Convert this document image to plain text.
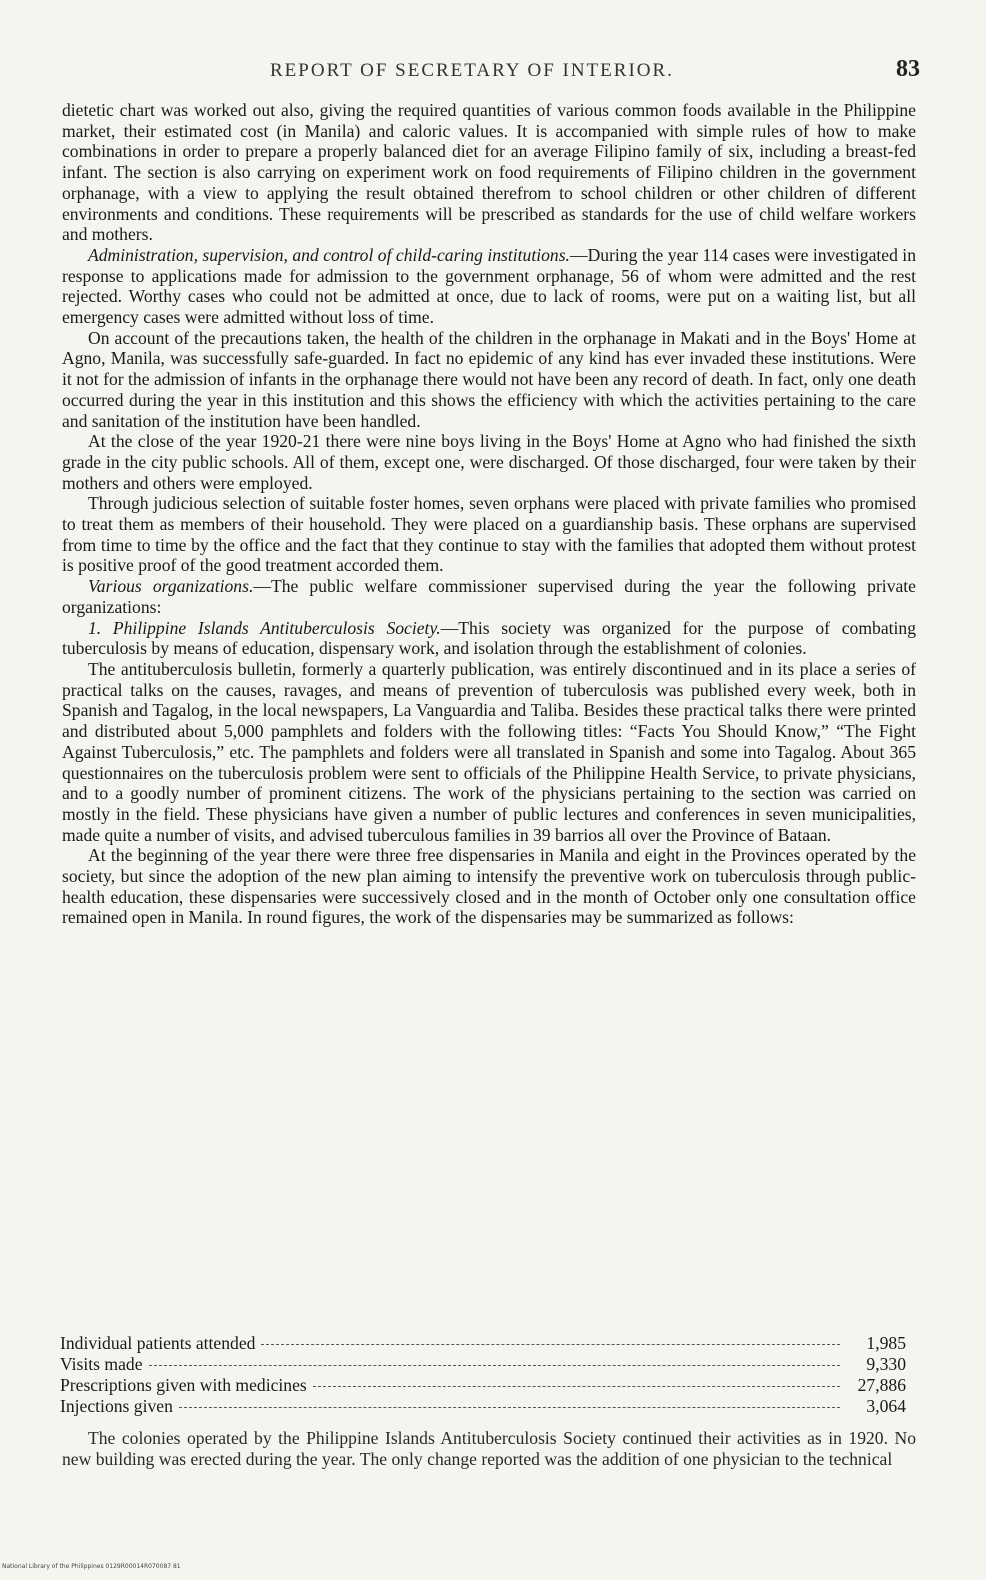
REPORT OF SECRETARY OF INTERIOR.	83

dietetic chart was worked out also, giving the required quantities of various common foods available in the Philippine market, their estimated cost (in Manila) and caloric values. It is accompanied with simple rules of how to make combinations in order to prepare a properly balanced diet for an average Filipino family of six, including a breast-fed infant. The section is also carrying on experiment work on food requirements of Filipino children in the government orphanage, with a view to applying the result obtained therefrom to school children or other children of different environments and conditions. These requirements will be prescribed as standards for the use of child welfare workers and mothers.

Administration, supervision, and control of child-caring institutions.—During the year 114 cases were investigated in response to applications made for admission to the government orphanage, 56 of whom were admitted and the rest rejected. Worthy cases who could not be admitted at once, due to lack of rooms, were put on a waiting list, but all emergency cases were admitted without loss of time.

On account of the precautions taken, the health of the children in the orphanage in Makati and in the Boys' Home at Agno, Manila, was successfully safe-guarded. In fact no epidemic of any kind has ever invaded these institutions. Were it not for the admission of infants in the orphanage there would not have been any record of death. In fact, only one death occurred during the year in this institution and this shows the efficiency with which the activities pertaining to the care and sanitation of the institution have been handled.

At the close of the year 1920-21 there were nine boys living in the Boys' Home at Agno who had finished the sixth grade in the city public schools. All of them, except one, were discharged. Of those discharged, four were taken by their mothers and others were employed.

Through judicious selection of suitable foster homes, seven orphans were placed with private families who promised to treat them as members of their household. They were placed on a guardianship basis. These orphans are supervised from time to time by the office and the fact that they continue to stay with the families that adopted them without protest is positive proof of the good treatment accorded them.

Various organizations.—The public welfare commissioner supervised during the year the following private organizations:

1. Philippine Islands Antituberculosis Society.—This society was organized for the purpose of combating tuberculosis by means of education, dispensary work, and isolation through the establishment of colonies.

The antituberculosis bulletin, formerly a quarterly publication, was entirely discontinued and in its place a series of practical talks on the causes, ravages, and means of prevention of tuberculosis was published every week, both in Spanish and Tagalog, in the local newspapers, La Vanguardia and Taliba. Besides these practical talks there were printed and distributed about 5,000 pamphlets and folders with the following titles: “Facts You Should Know,” “The Fight Against Tuberculosis,” etc. The pamphlets and folders were all translated in Spanish and some into Tagalog. About 365 questionnaires on the tuberculosis problem were sent to officials of the Philippine Health Service, to private physicians, and to a goodly number of prominent citizens. The work of the physicians pertaining to the section was carried on mostly in the field. These physicians have given a number of public lectures and conferences in seven municipalities, made quite a number of visits, and advised tuberculous families in 39 barrios all over the Province of Bataan.

At the beginning of the year there were three free dispensaries in Manila and eight in the Provinces operated by the society, but since the adoption of the new plan aiming to intensify the preventive work on tuberculosis through public-health education, these dispensaries were successively closed and in the month of October only one consultation office remained open in Manila. In round figures, the work of the dispensaries may be summarized as follows:

Individual patients attended	1,985
Visits made	9,330
Prescriptions given with medicines	27,886
Injections given	3,064

The colonies operated by the Philippine Islands Antituberculosis Society continued their activities as in 1920. No new building was erected during the year. The only change reported was the addition of one physician to the technical

National Library of the Philippines 0129R00014R070087 81
